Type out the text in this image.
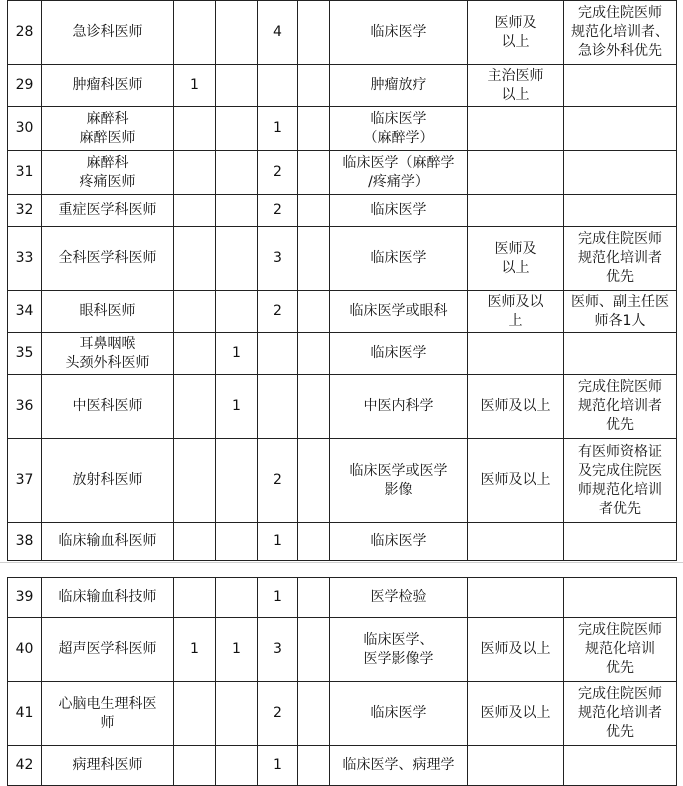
28	急诊科医师			4		临床医学	医师及
以上	完成住院医师
规范化培训者、
急诊外科优先
29	肿瘤科医师	1				肿瘤放疗	主治医师
以上	
30	麻醉科
麻醉医师			1		临床医学
（麻醉学）		
31	麻醉科
疼痛医师			2		临床医学（麻醉学
/疼痛学）		
32	重症医学科医师			2		临床医学		
33	全科医学科医师			3		临床医学	医师及
以上	完成住院医师
规范化培训者
优先
34	眼科医师			2		临床医学或眼科	医师及以
上	医师、副主任医
师各1人
35	耳鼻咽喉
头颈外科医师		1			临床医学		
36	中医科医师		1			中医内科学	医师及以上	完成住院医师
规范化培训者
优先
37	放射科医师			2		临床医学或医学
影像	医师及以上	有医师资格证
及完成住院医
师规范化培训
者优先
38	临床输血科医师			1		临床医学		
39	临床输血科技师			1		医学检验		
40	超声医学科医师	1	1	3		临床医学、
医学影像学	医师及以上	完成住院医师
规范化培训
优先
41	心脑电生理科医
师			2		临床医学	医师及以上	完成住院医师
规范化培训者
优先
42	病理科医师			1		临床医学、病理学		
